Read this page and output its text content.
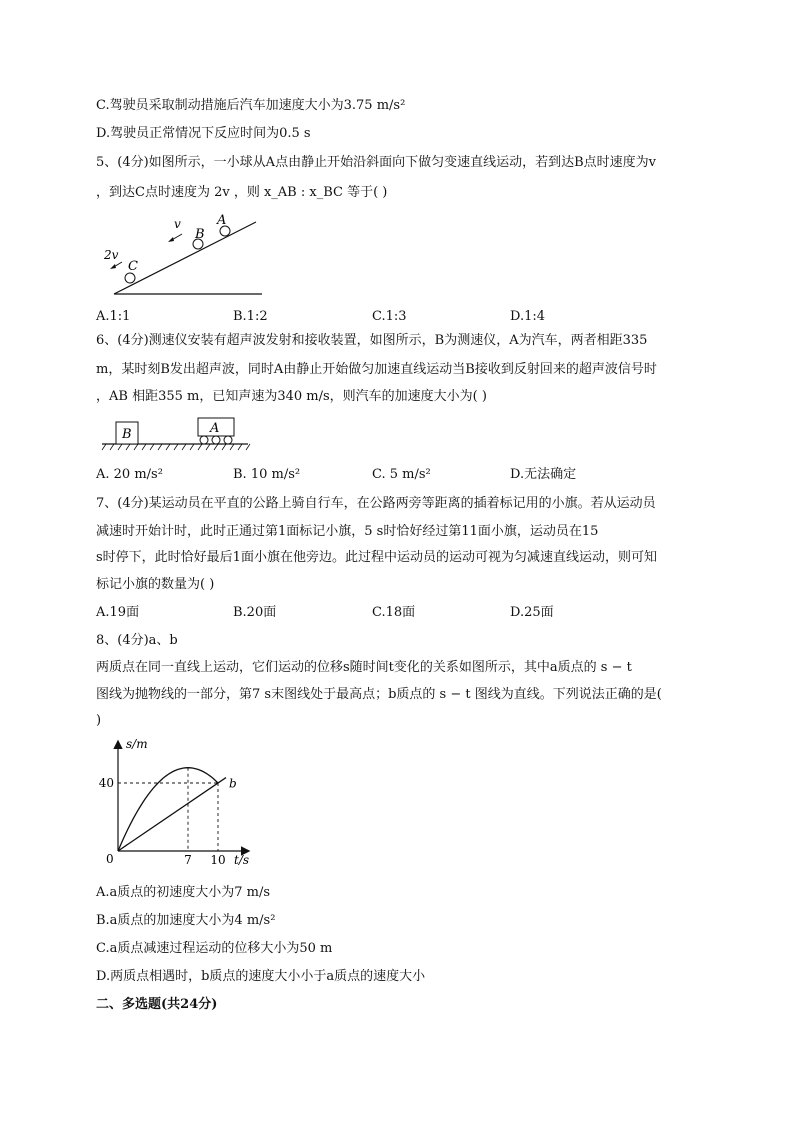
C.驾驶员采取制动措施后汽车加速度大小为3.75 m/s²
D.驾驶员正常情况下反应时间为0.5 s
5、(4分)如图所示，一小球从A点由静止开始沿斜面向下做匀变速直线运动，若到达B点时速度为v
，到达C点时速度为 2v ，则 x_AB : x_BC 等于( )
A
B
C
v
2v
A.1:1	B.1:2	C.1:3	D.1:4
6、(4分)测速仪安装有超声波发射和接收装置，如图所示，B为测速仪，A为汽车，两者相距335
m，某时刻B发出超声波，同时A由静止开始做匀加速直线运动当B接收到反射回来的超声波信号时
，AB 相距355 m，已知声速为340 m/s，则汽车的加速度大小为( )
B	A
A. 20 m/s²	B. 10 m/s²	C. 5 m/s²	D.无法确定
7、(4分)某运动员在平直的公路上骑自行车，在公路两旁等距离的插着标记用的小旗。若从运动员
减速时开始计时，此时正通过第1面标记小旗，5 s时恰好经过第11面小旗，运动员在15
s时停下，此时恰好最后1面小旗在他旁边。此过程中运动员的运动可视为匀减速直线运动，则可知
标记小旗的数量为( )
A.19面	B.20面	C.18面	D.25面
8、(4分)a、b
两质点在同一直线上运动，它们运动的位移s随时间t变化的关系如图所示，其中a质点的 s − t
图线为抛物线的一部分，第7 s末图线处于最高点；b质点的 s − t 图线为直线。下列说法正确的是(
)
s/m
t/s
0	7 10
40	b
A.a质点的初速度大小为7 m/s
B.a质点的加速度大小为4 m/s²
C.a质点减速过程运动的位移大小为50 m
D.两质点相遇时，b质点的速度大小小于a质点的速度大小
二、多选题(共24分)
